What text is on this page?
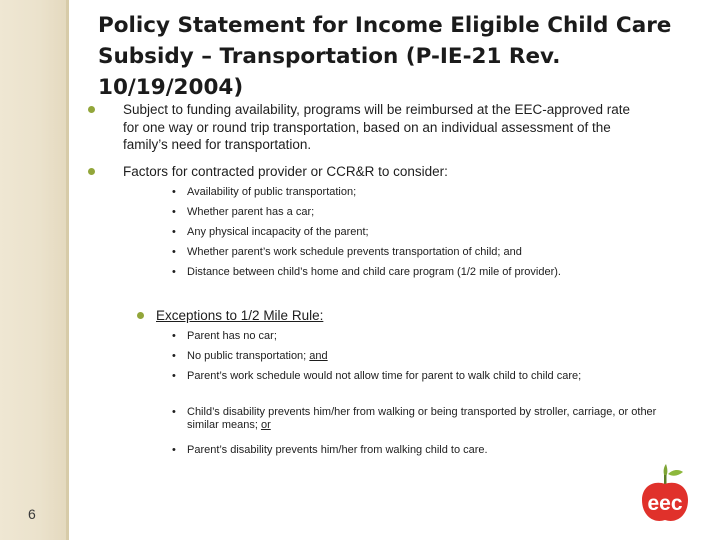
Policy Statement for Income Eligible Child Care Subsidy – Transportation (P-IE-21 Rev. 10/19/2004)
Subject to funding availability, programs will be reimbursed at the EEC-approved rate for one way or round trip transportation, based on an individual assessment of the family’s need for transportation.
Factors for contracted provider or CCR&R to consider:
• Availability of public transportation;
• Whether parent has a car;
• Any physical incapacity of the parent;
• Whether parent’s work schedule prevents transportation of child; and
• Distance between child’s home and child care program (1/2 mile of provider).
Exceptions to 1/2 Mile Rule:
• Parent has no car;
• No public transportation; and
• Parent’s work schedule would not allow time for parent to walk child to child care;
• Child’s disability prevents him/her from walking or being transported by stroller, carriage, or other similar means; or
• Parent’s disability prevents him/her from walking child to care.
6	eec
